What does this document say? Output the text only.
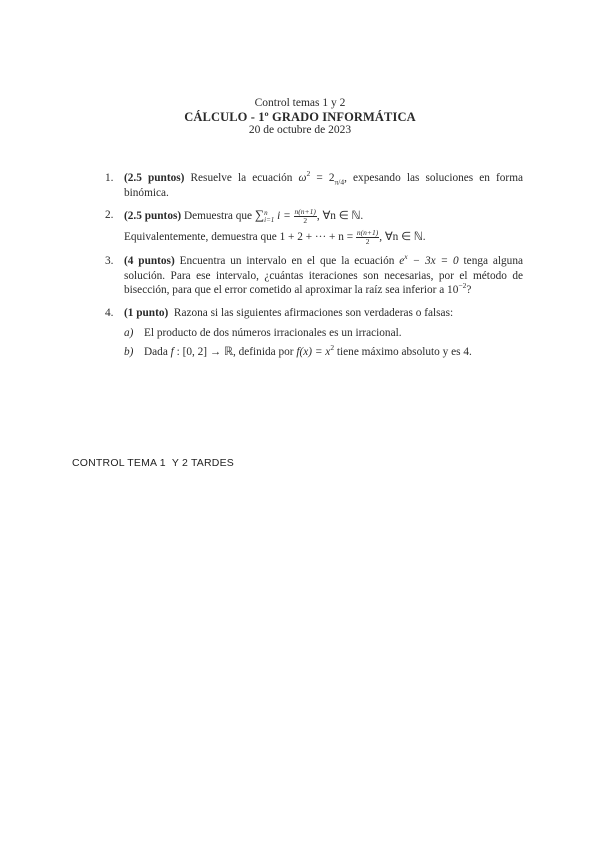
Control temas 1 y 2
CÁLCULO - 1º GRADO INFORMÁTICA
20 de octubre de 2023
1. (2.5 puntos) Resuelve la ecuación $\omega^2 = 2_{\pi/4}$, expesando las soluciones en forma binómica.
2. (2.5 puntos) Demuestra que ∑ n
i=1 $i = \frac{n(n+1)}{2}$ , ∀n ∈ ℕ.
Equivalentemente, demuestra que 1 + 2 + ··· + $n = \frac{n(n+1)}{2}$ , ∀n ∈ ℕ.
3. (4 puntos) Encuentra un intervalo en el que la ecuación $e^x - 3x = 0$ tenga alguna solución. Para ese intervalo, ¿cuántas iteraciones son necesarias, por el método de bisección, para que el error cometido al aproximar la raíz sea inferior a $10^{-2}$?
4. (1 punto)  Razona si las siguientes afirmaciones son verdaderas o falsas:
a) El producto de dos números irracionales es un irracional.
b) Dada f : [0, 2] → ℝ, definida por $f(x) = x^2$ tiene máximo absoluto y es 4.
CONTROL TEMA 1  Y 2 TARDES
